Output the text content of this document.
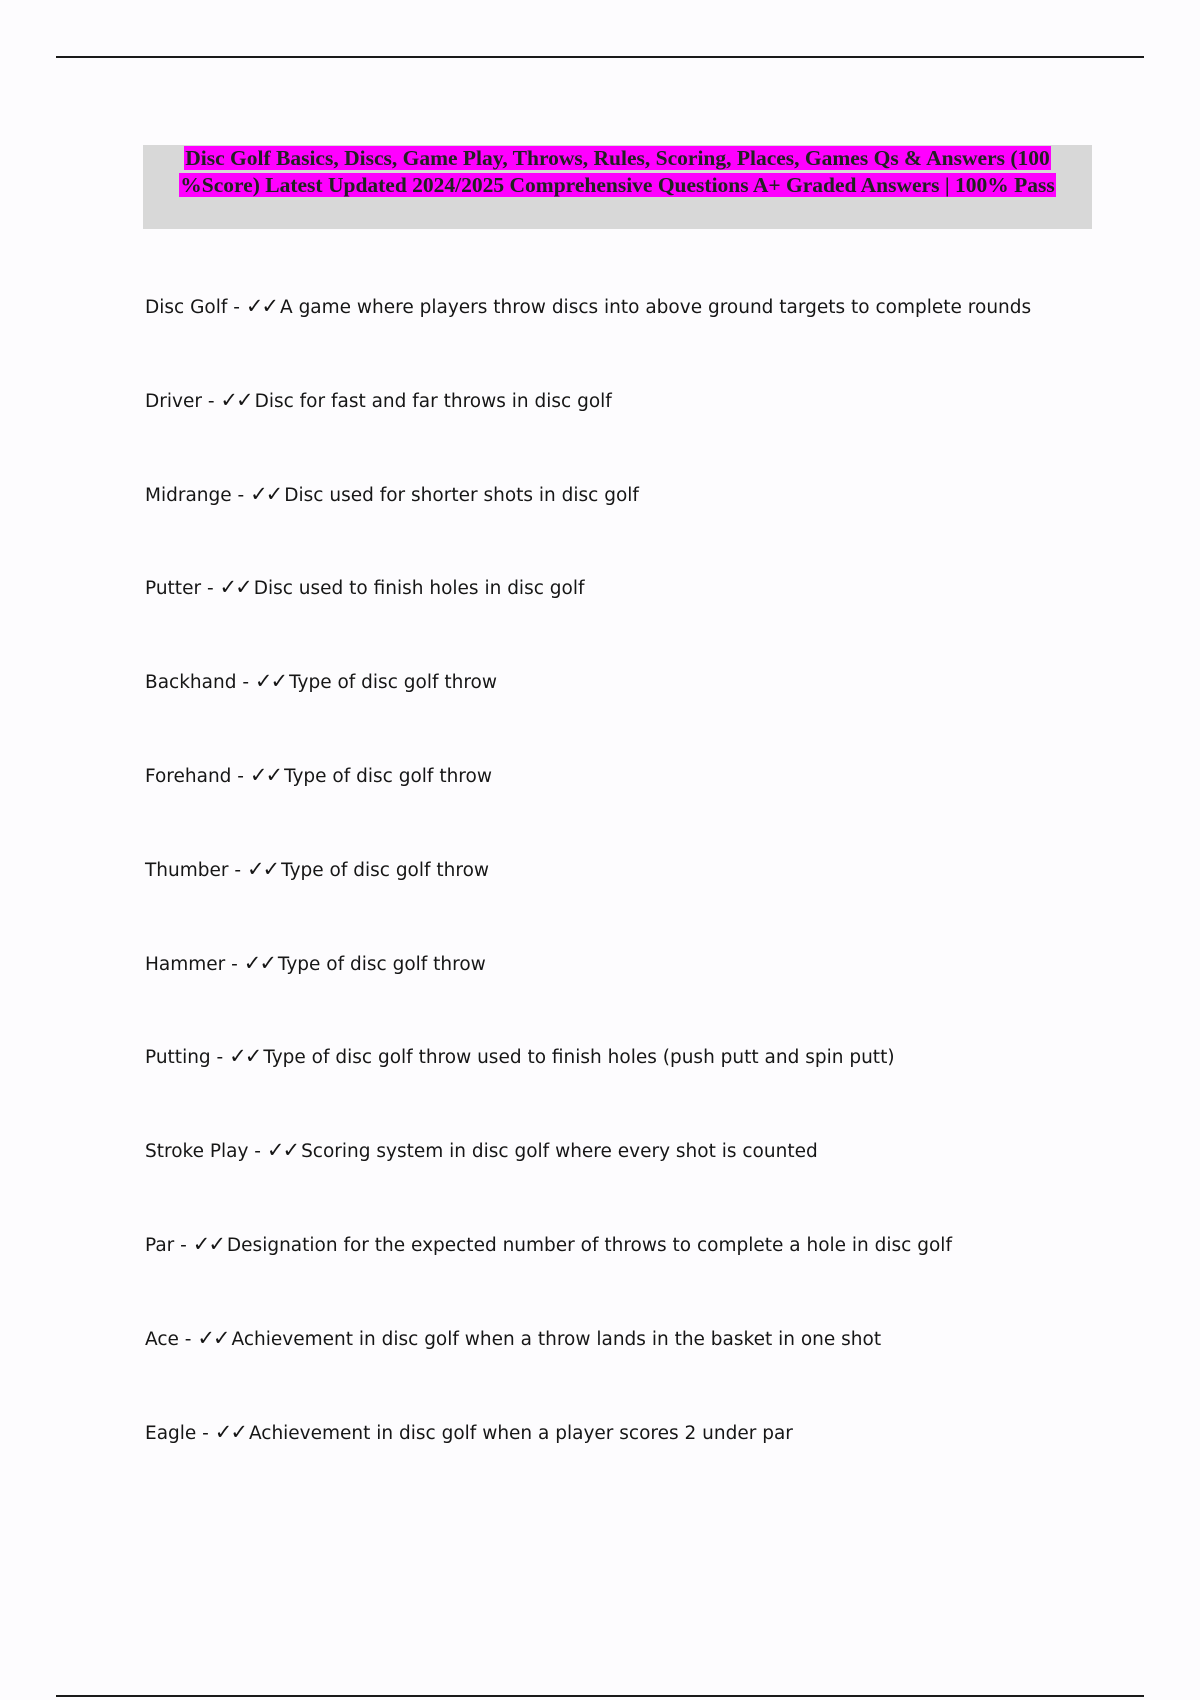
Disc Golf Basics, Discs, Game Play, Throws, Rules, Scoring, Places, Games Qs & Answers (100 %Score) Latest Updated 2024/2025 Comprehensive Questions A+ Graded Answers | 100% Pass
Disc Golf - ✓✓ A game where players throw discs into above ground targets to complete rounds
Driver - ✓✓ Disc for fast and far throws in disc golf
Midrange - ✓✓ Disc used for shorter shots in disc golf
Putter - ✓✓ Disc used to finish holes in disc golf
Backhand - ✓✓ Type of disc golf throw
Forehand - ✓✓ Type of disc golf throw
Thumber - ✓✓ Type of disc golf throw
Hammer - ✓✓ Type of disc golf throw
Putting - ✓✓ Type of disc golf throw used to finish holes (push putt and spin putt)
Stroke Play - ✓✓ Scoring system in disc golf where every shot is counted
Par - ✓✓ Designation for the expected number of throws to complete a hole in disc golf
Ace - ✓✓ Achievement in disc golf when a throw lands in the basket in one shot
Eagle - ✓✓ Achievement in disc golf when a player scores 2 under par
